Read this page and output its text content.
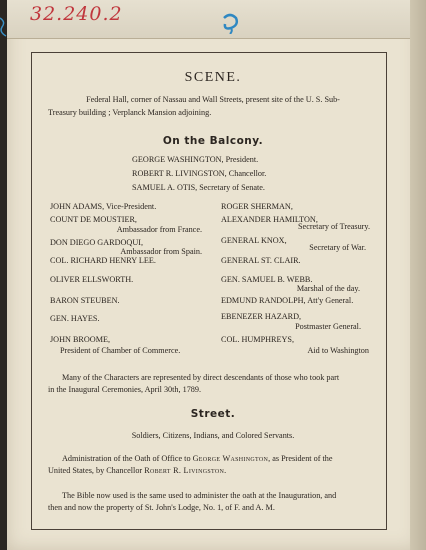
32.240.2
SCENE.
Federal Hall, corner of Nassau and Wall Streets, present site of the U. S. Sub-
Treasury building ; Verplanck Mansion adjoining.
On the Balcony.
GEORGE WASHINGTON, President.
ROBERT R. LIVINGSTON, Chancellor.
SAMUEL A. OTIS, Secretary of Senate.
JOHN ADAMS, Vice-President.
COUNT DE MOUSTIER,
Ambassador from France.
DON DIEGO GARDOQUI,
Ambassador from Spain.
COL. RICHARD HENRY LEE.
OLIVER ELLSWORTH.
BARON STEUBEN.
GEN. HAYES.
JOHN BROOME,
President of Chamber of Commerce.
ROGER SHERMAN,
ALEXANDER HAMILTON,
Secretary of Treasury.
GENERAL KNOX,
Secretary of War.
GENERAL ST. CLAIR.
GEN. SAMUEL B. WEBB.
Marshal of the day.
EDMUND RANDOLPH, Att'y General.
EBENEZER HAZARD,
Postmaster General.
COL. HUMPHREYS,
Aid to Washington
Many of the Characters are represented by direct descendants of those who took part
in the Inaugural Ceremonies, April 30th, 1789.
Street.
Soldiers, Citizens, Indians, and Colored Servants.
Administration of the Oath of Office to George Washington, as President of the
United States, by Chancellor Robert R. Livingston.
The Bible now used is the same used to administer the oath at the Inauguration, and
then and now the property of St. John's Lodge, No. 1, of F. and A. M.
